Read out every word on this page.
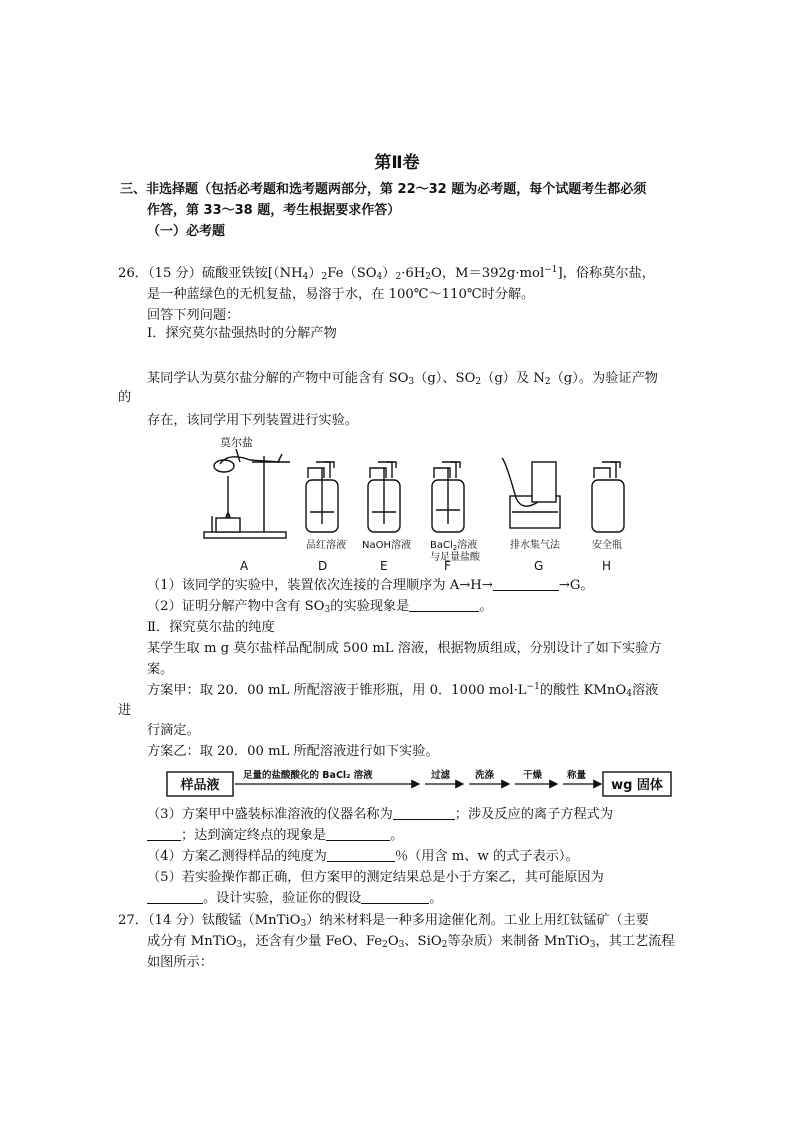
第Ⅱ卷
三、非选择题（包括必考题和选考题两部分，第 22～32 题为必考题，每个试题考生都必须
作答，第 33～38 题，考生根据要求作答）
（一）必考题
26．（15 分）硫酸亚铁铵[$(NH_4)_2Fe(SO_4)_2\cdot 6H_2O$，M＝392g·mol$^{-1}$]，俗称莫尔盐，
是一种蓝绿色的无机复盐，易溶于水，在 100℃～110℃时分解。
回答下列问题：
Ⅰ．探究莫尔盐强热时的分解产物
某同学认为莫尔盐分解的产物中可能含有 $SO_3(g)$、$SO_2(g)$及 $N_2(g)$。为验证产物
的
存在，该同学用下列装置进行实验。
莫尔盐
品红溶液 NaOH溶液 BaCl$_2$溶液
与足量盐酸
排水集气法	安全瓶
A	D	E	F	G	H
（1）该同学的实验中，装置依次连接的合理顺序为 A→H→	→G。
（2）证明分解产物中含有 $SO_3$的实验现象是	。
Ⅱ．探究莫尔盐的纯度
某学生取 m g 莫尔盐样品配制成 500 mL 溶液，根据物质组成，分别设计了如下实验方
案。
方案甲：取 20．00 mL 所配溶液于锥形瓶，用 0．1000 $mol\cdot L^{-1}$的酸性 KMnO$_4$溶液
进
行滴定。
方案乙：取 20．00 mL 所配溶液进行如下实验。
样品液
足量的盐酸酸化的 BaCl₂ 溶液	过滤	洗涤	干燥	称量
wg 固体
（3）方案甲中盛装标准溶液的仪器名称为	；涉及反应的离子方程式为
；达到滴定终点的现象是	。
（4）方案乙测得样品的纯度为	％（用含 m、w 的式子表示）。
（5）若实验操作都正确，但方案甲的测定结果总是小于方案乙，其可能原因为
。设计实验，验证你的假设	。
27．（14 分）钛酸锰（MnTiO$_3$）纳米材料是一种多用途催化剂。工业上用红钛锰矿（主要
成分有 MnTiO$_3$，还含有少量 FeO、$Fe_2O_3$、SiO$_2$等杂质）来制备 MnTiO$_3$，其工艺流程
如图所示：
